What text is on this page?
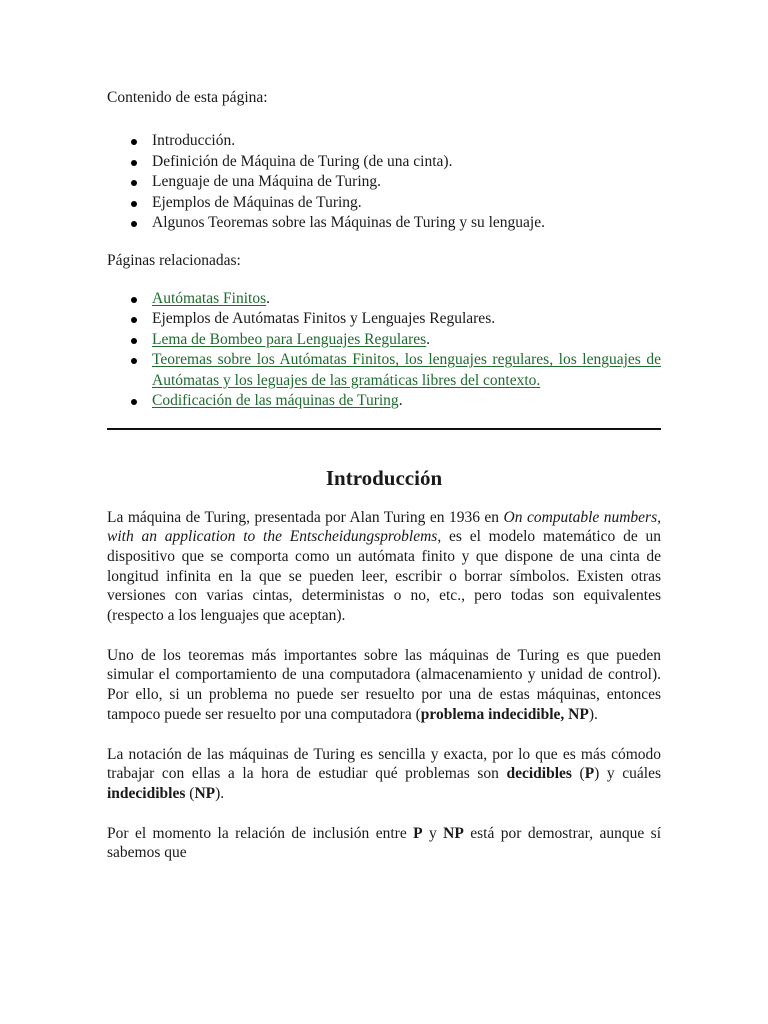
Contenido de esta página:

Introducción.
Definición de Máquina de Turing (de una cinta).
Lenguaje de una Máquina de Turing.
Ejemplos de Máquinas de Turing.
Algunos Teoremas sobre las Máquinas de Turing y su lenguaje.

Páginas relacionadas:

Autómatas Finitos.
Ejemplos de Autómatas Finitos y Lenguajes Regulares.
Lema de Bombeo para Lenguajes Regulares.
Teoremas sobre los Autómatas Finitos, los lenguajes regulares, los lenguajes de Autómatas y los leguajes de las gramáticas libres del contexto.
Codificación de las máquinas de Turing.
Introducción

La máquina de Turing, presentada por Alan Turing en 1936 en On computable numbers, with an application to the Entscheidungsproblems, es el modelo matemático de un dispositivo que se comporta como un autómata finito y que dispone de una cinta de longitud infinita en la que se pueden leer, escribir o borrar símbolos. Existen otras versiones con varias cintas, deterministas o no, etc., pero todas son equivalentes (respecto a los lenguajes que aceptan).

Uno de los teoremas más importantes sobre las máquinas de Turing es que pueden simular el comportamiento de una computadora (almacenamiento y unidad de control). Por ello, si un problema no puede ser resuelto por una de estas máquinas, entonces tampoco puede ser resuelto por una computadora (problema indecidible, NP).

La notación de las máquinas de Turing es sencilla y exacta, por lo que es más cómodo trabajar con ellas a la hora de estudiar qué problemas son decidibles (P) y cuáles indecidibles (NP).

Por el momento la relación de inclusión entre P y NP está por demostrar, aunque sí sabemos que
